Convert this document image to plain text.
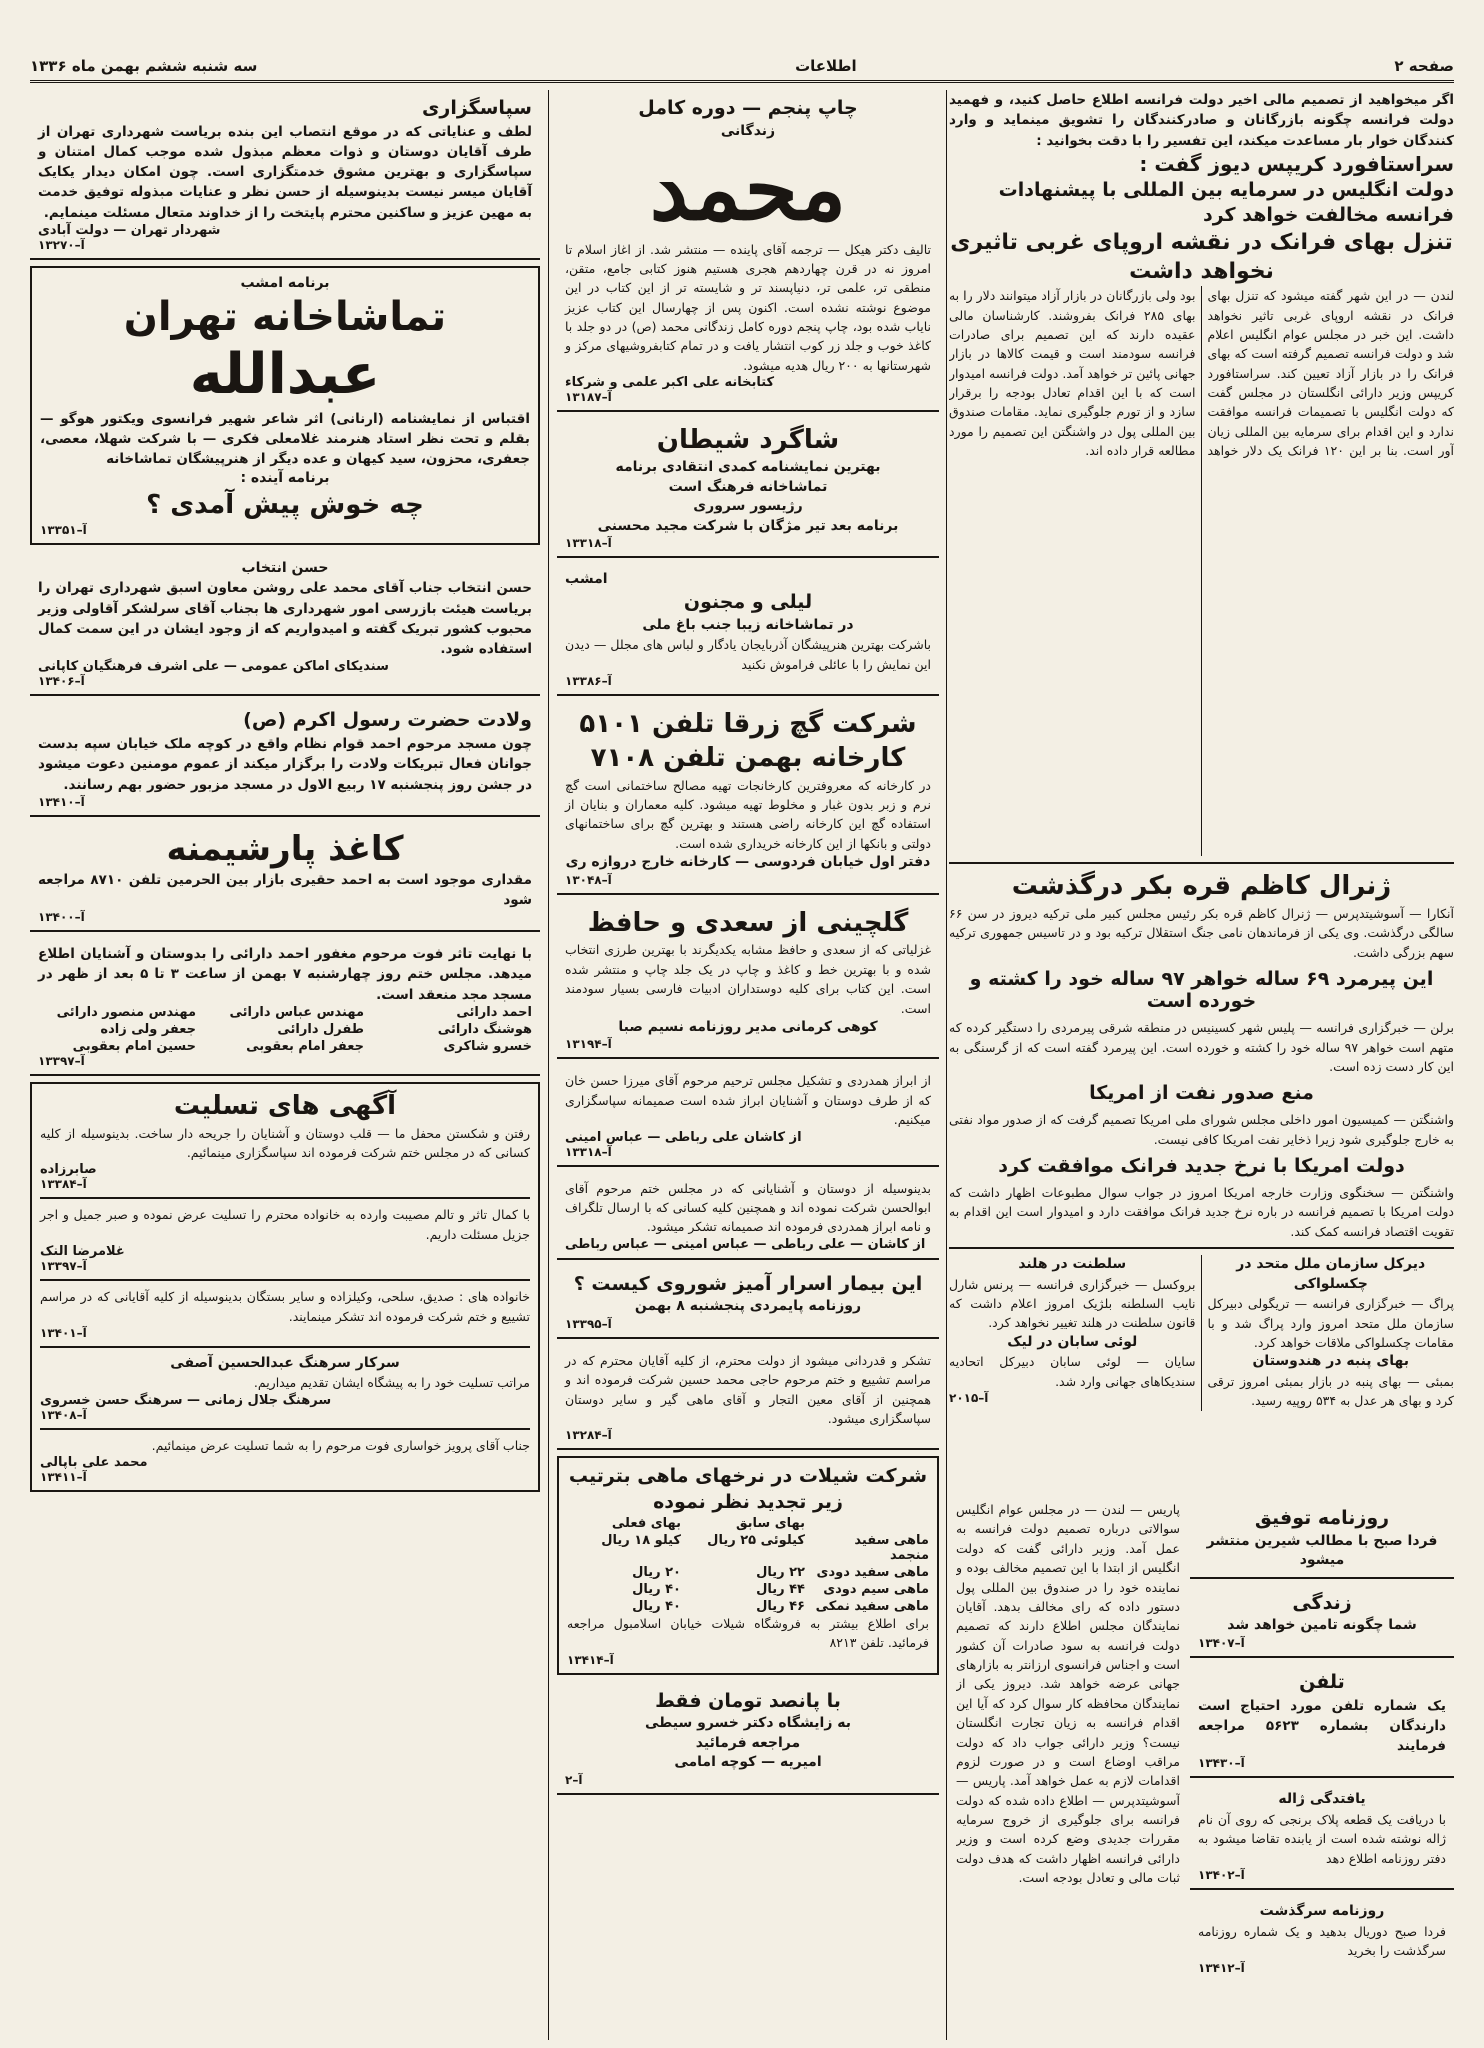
صفحه ۲
اطلاعات
سه شنبه ششم بهمن ماه ۱۳۳۶
اگر میخواهید از تصمیم مالی اخیر دولت فرانسه اطلاع حاصل کنید، و فهمید دولت فرانسه چگونه بازرگانان و صادرکنندگان را تشویق مینماید و وارد کنندگان خوار بار مساعدت میکند، این تفسیر را با دقت بخوانید :
سراستافورد کریپس دیوز گفت :
دولت انگلیس در سرمایه بین المللی با پیشنهادات فرانسه مخالفت خواهد کرد
تنزل بهای فرانک در نقشه اروپای غربی تاثیری نخواهد داشت
لندن — در این شهر گفته میشود که تنزل بهای فرانک در نقشه اروپای غربی تاثیر نخواهد داشت. این خبر در مجلس عوام انگلیس اعلام شد و دولت فرانسه تصمیم گرفته است که بهای فرانک را در بازار آزاد تعیین کند. سراستافورد کریپس وزیر دارائی انگلستان در مجلس گفت که دولت انگلیس با تصمیمات فرانسه موافقت ندارد و این اقدام برای سرمایه بین المللی زیان آور است. بنا بر این ۱۲۰ فرانک یک دلار خواهد بود ولی بازرگانان در بازار آزاد میتوانند دلار را به بهای ۲۸۵ فرانک بفروشند. کارشناسان مالی عقیده دارند که این تصمیم برای صادرات فرانسه سودمند است و قیمت کالاها در بازار جهانی پائین تر خواهد آمد. دولت فرانسه امیدوار است که با این اقدام تعادل بودجه را برقرار سازد و از تورم جلوگیری نماید. مقامات صندوق بین المللی پول در واشنگتن این تصمیم را مورد مطالعه قرار داده اند.
ژنرال کاظم قره بکر درگذشت
آنکارا — آسوشیتدپرس — ژنرال کاظم قره بکر رئیس مجلس کبیر ملی ترکیه دیروز در سن ۶۶ سالگی درگذشت. وی یکی از فرماندهان نامی جنگ استقلال ترکیه بود و در تاسیس جمهوری ترکیه سهم بزرگی داشت.
این پیرمرد ۶۹ ساله خواهر ۹۷ ساله خود را کشته و خورده است
برلن — خبرگزاری فرانسه — پلیس شهر کسینیس در منطقه شرقی پیرمردی را دستگیر کرده که متهم است خواهر ۹۷ ساله خود را کشته و خورده است. این پیرمرد گفته است که از گرسنگی به این کار دست زده است.
منع صدور نفت از امریکا
واشنگتن — کمیسیون امور داخلی مجلس شورای ملی امریکا تصمیم گرفت که از صدور مواد نفتی به خارج جلوگیری شود زیرا ذخایر نفت امریکا کافی نیست.
دولت امریکا با نرخ جدید فرانک موافقت کرد
واشنگتن — سخنگوی وزارت خارجه امریکا امروز در جواب سوال مطبوعات اظهار داشت که دولت امریکا با تصمیم فرانسه در باره نرخ جدید فرانک موافقت دارد و امیدوار است این اقدام به تقویت اقتصاد فرانسه کمک کند.
دیرکل سازمان ملل متحد در چکسلواکی
پراگ — خبرگزاری فرانسه — تریگولی دبیرکل سازمان ملل متحد امروز وارد پراگ شد و با مقامات چکسلواکی ملاقات خواهد کرد.
بهای پنبه در هندوستان
بمبئی — بهای پنبه در بازار بمبئی امروز ترقی کرد و بهای هر عدل به ۵۳۴ روپیه رسید.
سلطنت در هلند
بروکسل — خبرگزاری فرانسه — پرنس شارل نایب السلطنه بلژیک امروز اعلام داشت که قانون سلطنت در هلند تغییر نخواهد کرد.
لوئی سابان در لیک
سایان — لوئی سابان دبیرکل اتحادیه سندیکاهای جهانی وارد شد.
آ–۲۰۱۵
چاپ پنجم — دوره کامل
زندگانی
محمد
تالیف دکتر هیکل — ترجمه آقای پاینده — منتشر شد. از اغاز اسلام تا امروز نه در قرن چهاردهم هجری هستیم هنوز کتابی جامع، متقن، منطقی تر، علمی تر، دنیاپسند تر و شایسته تر از این کتاب در این موضوع نوشته نشده است. اکنون پس از چهارسال این کتاب عزیز نایاب شده بود، چاپ پنجم دوره کامل زندگانی محمد (ص) در دو جلد با کاغذ خوب و جلد زر کوب انتشار یافت و در تمام کتابفروشیهای مرکز و شهرستانها به ۲۰۰ ریال هدیه میشود.
کتابخانه علی اکبر علمی و شرکاء
آ–۱۳۱۸۷
شاگرد شیطان
بهترین نمایشنامه کمدی انتقادی برنامه
تماشاخانه فرهنگ است
رژیسور سروری
برنامه بعد تیر مژگان با شرکت مجید محسنی
آ–۱۳۳۱۸
امشب
لیلی و مجنون
در تماشاخانه زیبا جنب باغ ملی
باشرکت بهترین هنرپیشگان آذربایجان یادگار و لباس های مجلل — دیدن این نمایش را با عائلی فراموش نکنید
آ–۱۳۳۸۶
شرکت گچ زرقا تلفن ۵۱۰۱
کارخانه بهمن تلفن ۷۱۰۸
در کارخانه که معروفترین کارخانجات تهیه مصالح ساختمانی است گچ نرم و زبر بدون غبار و مخلوط تهیه میشود. کلیه معماران و بنایان از استفاده گچ این کارخانه راضی هستند و بهترین گچ برای ساختمانهای دولتی و بانکها از این کارخانه خریداری شده است.
دفتر اول خیابان فردوسی — کارخانه خارج دروازه ری
آ–۱۳۰۴۸
گلچینی از سعدی و حافظ
غزلیاتی که از سعدی و حافظ مشابه یکدیگرند با بهترین طرزی انتخاب شده و با بهترین خط و کاغذ و چاپ در یک جلد چاپ و منتشر شده است. این کتاب برای کلیه دوستداران ادبیات فارسی بسیار سودمند است.
کوهی کرمانی مدیر روزنامه نسیم صبا
آ–۱۳۱۹۴
از ابراز همدردی و تشکیل مجلس ترحیم مرحوم آقای میرزا حسن خان که از طرف دوستان و آشنایان ابراز شده است صمیمانه سپاسگزاری میکنیم.
از کاشان علی رباطی — عباس امینی
آ–۱۳۳۱۸
بدینوسیله از دوستان و آشنایانی که در مجلس ختم مرحوم آقای ابوالحسن شرکت نموده اند و همچنین کلیه کسانی که با ارسال تلگراف و نامه ابراز همدردی فرموده اند صمیمانه تشکر میشود.
از کاشان — علی رباطی — عباس امینی — عباس رباطی
این بیمار اسرار آمیز شوروی کیست ؟
روزنامه پایمردی پنجشنبه ۸ بهمن
آ–۱۳۳۹۵
تشکر و قدردانی میشود از دولت محترم، از کلیه آقایان محترم که در مراسم تشییع و ختم مرحوم حاجی محمد حسین شرکت فرموده اند و همچنین از آقای معین التجار و آقای ماهی گیر و سایر دوستان سپاسگزاری میشود.
آ–۱۳۲۸۴
شرکت شیلات در نرخهای ماهی بترتیب
زیر تجدید نظر نموده
بهای سابق
بهای فعلی
ماهی سفید منجمد
کیلوئی ۲۵ ریال
کیلو ۱۸ ریال
ماهی سفید دودی
۲۲ ریال
۲۰ ریال
ماهی سیم دودی
۴۴ ریال
۴۰ ریال
ماهی سفید نمکی
۴۶ ریال
۴۰ ریال
برای اطلاع بیشتر به فروشگاه شیلات خیابان اسلامبول مراجعه فرمائید. تلفن ۸۲۱۳
آ–۱۳۴۱۴
با پانصد تومان فقط
به زایشگاه دکتر خسرو سیطی
مراجعه فرمائید
امیریه — کوچه امامی
آ–۲
سپاسگزاری
لطف و عنایاتی که در موقع انتصاب این بنده بریاست شهرداری تهران از طرف آقایان دوستان و ذوات معظم مبذول شده موجب کمال امتنان و سپاسگزاری و بهترین مشوق خدمتگزاری است. چون امکان دیدار یکایک آقایان میسر نیست بدینوسیله از حسن نظر و عنایات مبذوله توفیق خدمت به مهین عزیز و ساکنین محترم پایتخت را از خداوند متعال مسئلت مینمایم.
شهردار تهران — دولت آبادی
آ–۱۳۲۷۰
برنامه امشب
تماشاخانه تهران
عبدالله
اقتباس از نمایشنامه (ارنانی) اثر شاعر شهیر فرانسوی ویکتور هوگو — بقلم و تحت نظر استاد هنرمند غلامعلی فکری — با شرکت شهلا، معصی، جعفری، محزون، سید کیهان و عده دیگر از هنرپیشگان تماشاخانه
برنامه آینده :
چه خوش پیش آمدی ؟
آ–۱۳۳۵۱
حسن انتخاب
حسن انتخاب جناب آقای محمد علی روشن معاون اسبق شهرداری تهران را بریاست هیئت بازرسی امور شهرداری ها بجناب آقای سرلشکر آقاولی وزیر محبوب کشور تبریک گفته و امیدواریم که از وجود ایشان در این سمت کمال استفاده شود.
سندیکای اماکن عمومی — علی اشرف فرهنگیان کاپانی
آ–۱۳۴۰۶
ولادت حضرت رسول اکرم (ص)
چون مسجد مرحوم احمد قوام نظام واقع در کوچه ملک خیابان سپه بدست جوانان فعال تبریکات ولادت را برگزار میکند از عموم مومنین دعوت میشود در جشن روز پنجشنبه ۱۷ ربیع الاول در مسجد مزبور حضور بهم رسانند.
آ–۱۳۴۱۰
کاغذ پارشیمنه
مقداری موجود است به احمد حقیری بازار بین الحرمین تلفن ۸۷۱۰ مراجعه شود
آ–۱۳۴۰۰
با نهایت تاثر فوت مرحوم مغفور احمد دارائی را بدوستان و آشنایان اطلاع میدهد. مجلس ختم روز چهارشنبه ۷ بهمن از ساعت ۳ تا ۵ بعد از ظهر در مسجد مجد منعقد است.
احمد دارائی
مهندس عباس دارائی
مهندس منصور دارائی
هوشنگ دارائی
طفرل دارائی
جعفر ولی زاده
خسرو شاکری
جعفر امام بعقوبی
حسین امام بعقوبی
آ–۱۳۳۹۷
آگهی های تسلیت
رفتن و شکستن محفل ما — قلب دوستان و آشنایان را جریحه دار ساخت. بدینوسیله از کلیه کسانی که در مجلس ختم شرکت فرموده اند سپاسگزاری مینمائیم.
صابرزاده
آ–۱۳۳۸۴
با کمال تاثر و تالم مصیبت وارده به خانواده محترم را تسلیت عرض نموده و صبر جمیل و اجر جزیل مسئلت داریم.
غلامرضا النک
آ–۱۳۳۹۷
خانواده های : صدیق، سلحی، وکیلزاده و سایر بستگان بدینوسیله از کلیه آقایانی که در مراسم تشییع و ختم شرکت فرموده اند تشکر مینمایند.
آ–۱۳۴۰۱
سرکار سرهنگ عبدالحسین آصفی
مراتب تسلیت خود را به پیشگاه ایشان تقدیم میداریم.
سرهنگ جلال زمانی — سرهنگ حسن خسروی
آ–۱۳۴۰۸
جناب آقای پرویز خواساری فوت مرحوم را به شما تسلیت عرض مینمائیم.
محمد علی باپالی
آ–۱۳۴۱۱
روزنامه توفیق
فردا صبح با مطالب شیرین منتشر میشود
زندگی
شما چگونه تامین خواهد شد
آ–۱۳۴۰۷
تلفن
یک شماره تلفن مورد احتیاج است دارندگان بشماره ۵۶۲۳ مراجعه فرمایند
آ–۱۳۴۳۰
یافتدگی ژاله
با دریافت یک قطعه پلاک برنجی که روی آن نام ژاله نوشته شده است از یابنده تقاضا میشود به دفتر روزنامه اطلاع دهد
آ–۱۳۴۰۲
روزنامه سرگذشت
فردا صبح دوریال بدهید و یک شماره روزنامه سرگذشت را بخرید
آ–۱۳۴۱۲
پاریس — لندن — در مجلس عوام انگلیس سوالاتی درباره تصمیم دولت فرانسه به عمل آمد. وزیر دارائی گفت که دولت انگلیس از ابتدا با این تصمیم مخالف بوده و نماینده خود را در صندوق بین المللی پول دستور داده که رای مخالف بدهد. آقایان نمایندگان مجلس اطلاع دارند که تصمیم دولت فرانسه به سود صادرات آن کشور است و اجناس فرانسوی ارزانتر به بازارهای جهانی عرضه خواهد شد. دیروز یکی از نمایندگان محافظه کار سوال کرد که آیا این اقدام فرانسه به زیان تجارت انگلستان نیست؟ وزیر دارائی جواب داد که دولت مراقب اوضاع است و در صورت لزوم اقدامات لازم به عمل خواهد آمد. پاریس — آسوشیتدپرس — اطلاع داده شده که دولت فرانسه برای جلوگیری از خروج سرمایه مقررات جدیدی وضع کرده است و وزیر دارائی فرانسه اظهار داشت که هدف دولت ثبات مالی و تعادل بودجه است.
